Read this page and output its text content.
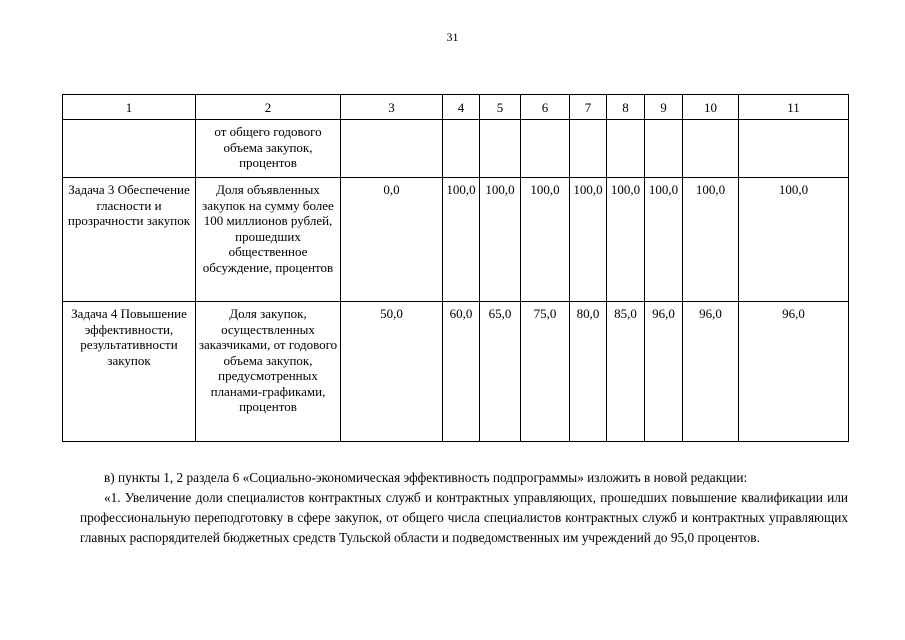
31
1	2	3	4	5	6	7	8	9	10	11
	от общего годового объема закупок, процентов									
Задача 3 Обеспечение гласности и прозрачности закупок	Доля объявленных закупок на сумму более 100 миллионов рублей, прошедших общественное обсуждение, процентов	0,0	100,0	100,0	100,0	100,0	100,0	100,0	100,0	100,0
Задача 4 Повышение эффективности, результативности закупок	Доля закупок, осуществленных заказчиками, от годового объема закупок, предусмотренных планами-графиками, процентов	50,0	60,0	65,0	75,0	80,0	85,0	96,0	96,0	96,0
в) пункты 1, 2 раздела 6 «Социально-экономическая эффективность подпрограммы» изложить в новой редакции:
«1. Увеличение доли специалистов контрактных служб и контрактных управляющих, прошедших повышение квалификации или профессиональную переподготовку в сфере закупок, от общего числа специалистов контрактных служб и контрактных управляющих главных распорядителей бюджетных средств Тульской области и подведомственных им учреждений до 95,0 процентов.
